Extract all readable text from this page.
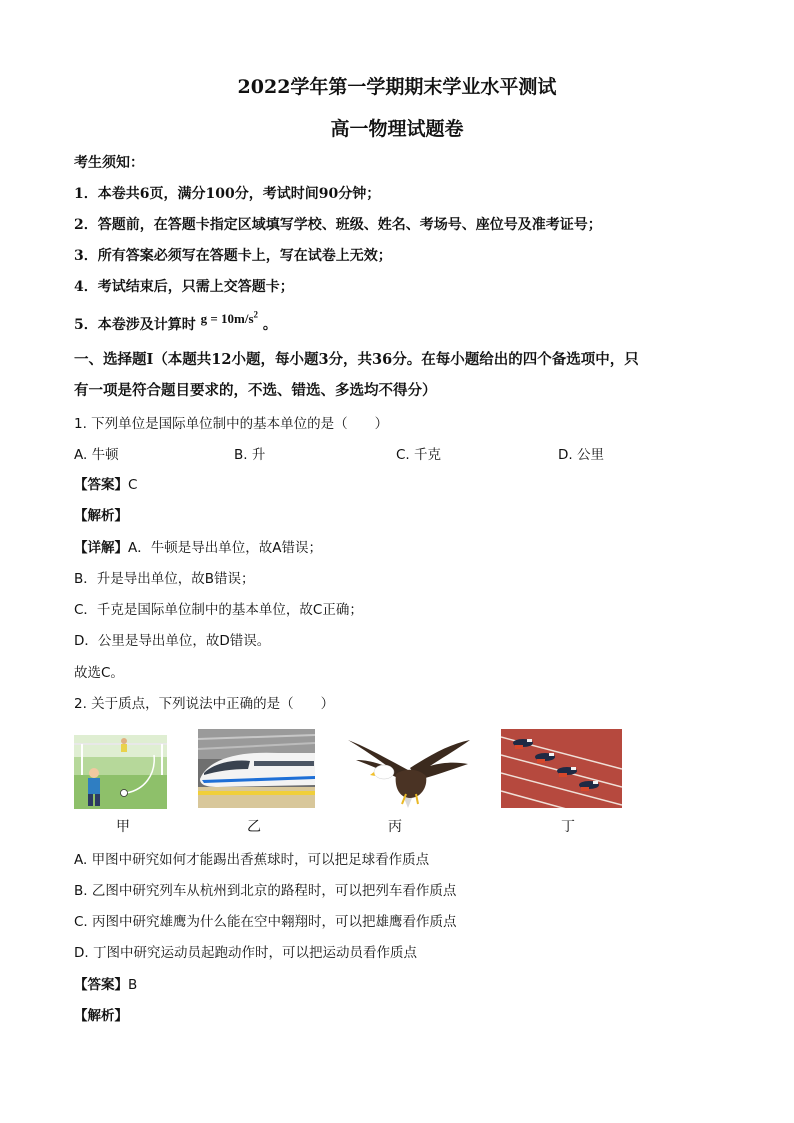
2022学年第一学期期末学业水平测试
高一物理试题卷
考生须知：
1．本卷共6页，满分100分，考试时间90分钟；
2．答题前，在答题卡指定区域填写学校、班级、姓名、考场号、座位号及准考证号；
3．所有答案必须写在答题卡上，写在试卷上无效；
4．考试结束后，只需上交答题卡；
5．本卷涉及计算时 $g = 10m/s^2$ 。
一、选择题Ⅰ（本题共12小题，每小题3分，共36分。在每小题给出的四个备选项中，只
有一项是符合题目要求的，不选、错选、多选均不得分）
1. 下列单位是国际单位制中的基本单位的是（　　）
A. 牛顿	B. 升	C. 千克	D. 公里
【答案】C
【解析】
【详解】A．牛顿是导出单位，故A错误；
B．升是导出单位，故B错误；
C．千克是国际单位制中的基本单位，故C正确；
D．公里是导出单位，故D错误。
故选C。
2. 关于质点，下列说法中正确的是（　　）
甲	乙	丙	丁
A. 甲图中研究如何才能踢出香蕉球时，可以把足球看作质点
B. 乙图中研究列车从杭州到北京的路程时，可以把列车看作质点
C. 丙图中研究雄鹰为什么能在空中翱翔时，可以把雄鹰看作质点
D. 丁图中研究运动员起跑动作时，可以把运动员看作质点
【答案】B
【解析】
